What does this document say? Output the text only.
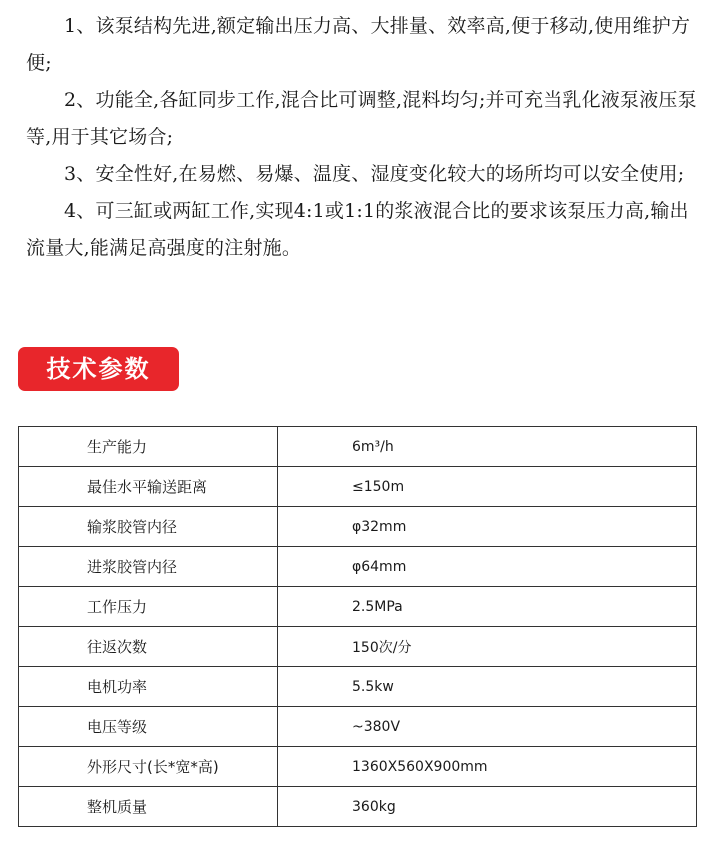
1、该泵结构先进,额定输出压力高、大排量、效率高,便于移动,使用维护方便;

2、功能全,各缸同步工作,混合比可调整,混料均匀;并可充当乳化液泵液压泵等,用于其它场合;

3、安全性好,在易燃、易爆、温度、湿度变化较大的场所均可以安全使用;

4、可三缸或两缸工作,实现4:1或1:1的浆液混合比的要求该泵压力高,输出流量大,能满足高强度的注射施。

技术参数
生产能力	6m³/h
最佳水平输送距离	≤150m
输浆胶管内径	φ32mm
进浆胶管内径	φ64mm
工作压力	2.5MPa
往返次数	150次/分
电机功率	5.5kw
电压等级	~380V
外形尺寸(长*宽*高)	1360X560X900mm
整机质量	360kg
